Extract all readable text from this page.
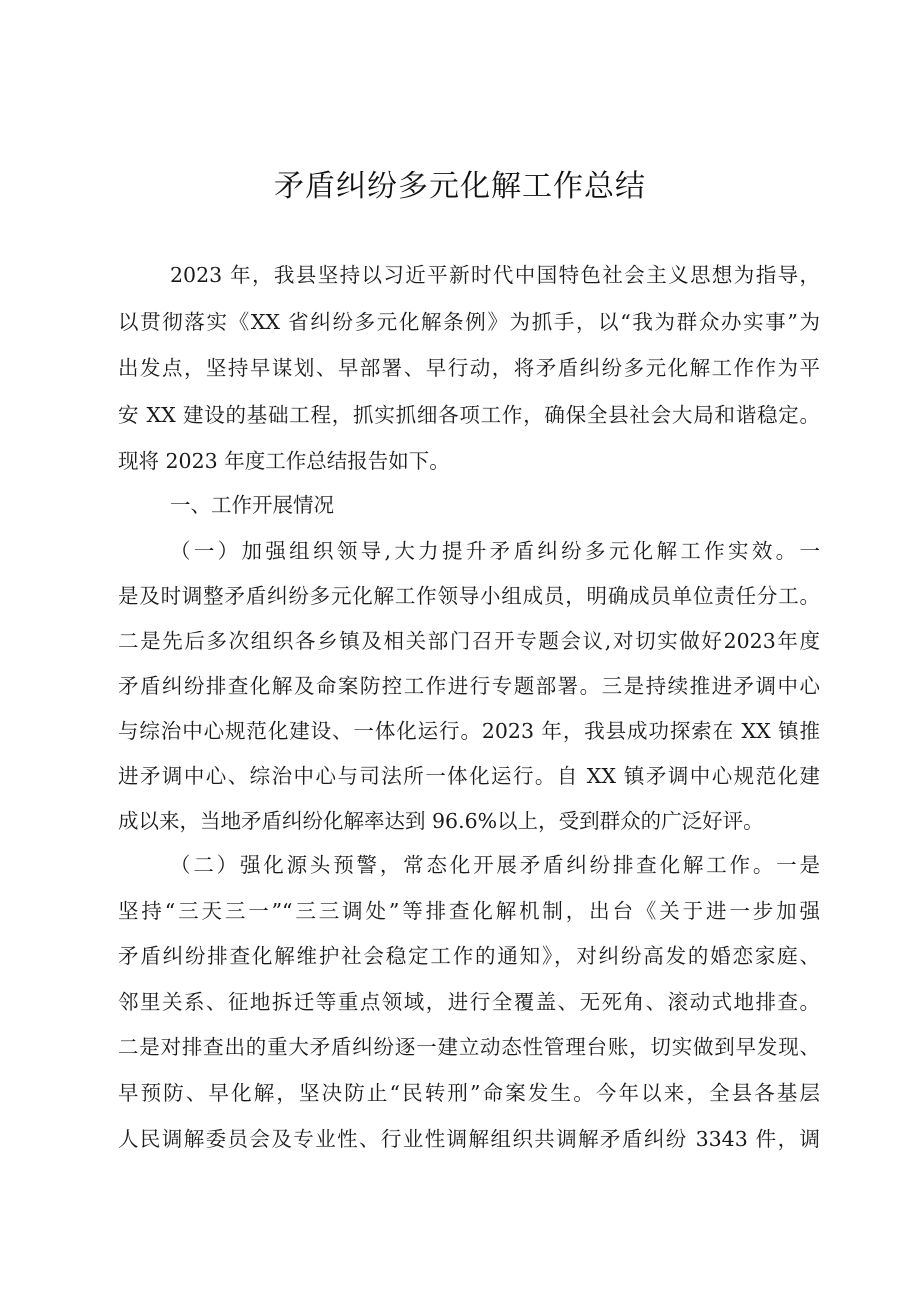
矛盾纠纷多元化解工作总结
2023 年，我县坚持以习近平新时代中国特色社会主义思想为指导，
以贯彻落实《XX 省纠纷多元化解条例》为抓手，以“我为群众办实事”为
出发点，坚持早谋划、早部署、早行动，将矛盾纠纷多元化解工作作为平
安 XX 建设的基础工程，抓实抓细各项工作，确保全县社会大局和谐稳定。
现将 2023 年度工作总结报告如下。
一、工作开展情况
（一）加强组织领导,大力提升矛盾纠纷多元化解工作实效。一
是及时调整矛盾纠纷多元化解工作领导小组成员，明确成员单位责任分工。
二是先后多次组织各乡镇及相关部门召开专题会议,对切实做好2023年度
矛盾纠纷排查化解及命案防控工作进行专题部署。三是持续推进矛调中心
与综治中心规范化建设、一体化运行。2023 年，我县成功探索在 XX 镇推
进矛调中心、综治中心与司法所一体化运行。自 XX 镇矛调中心规范化建
成以来，当地矛盾纠纷化解率达到 96.6%以上，受到群众的广泛好评。
（二）强化源头预警，常态化开展矛盾纠纷排查化解工作。一是
坚持“三天三一”“三三调处”等排查化解机制，出台《关于进一步加强
矛盾纠纷排查化解维护社会稳定工作的通知》，对纠纷高发的婚恋家庭、
邻里关系、征地拆迁等重点领域，进行全覆盖、无死角、滚动式地排查。
二是对排查出的重大矛盾纠纷逐一建立动态性管理台账，切实做到早发现、
早预防、早化解，坚决防止“民转刑”命案发生。今年以来，全县各基层
人民调解委员会及专业性、行业性调解组织共调解矛盾纠纷 3343 件，调
